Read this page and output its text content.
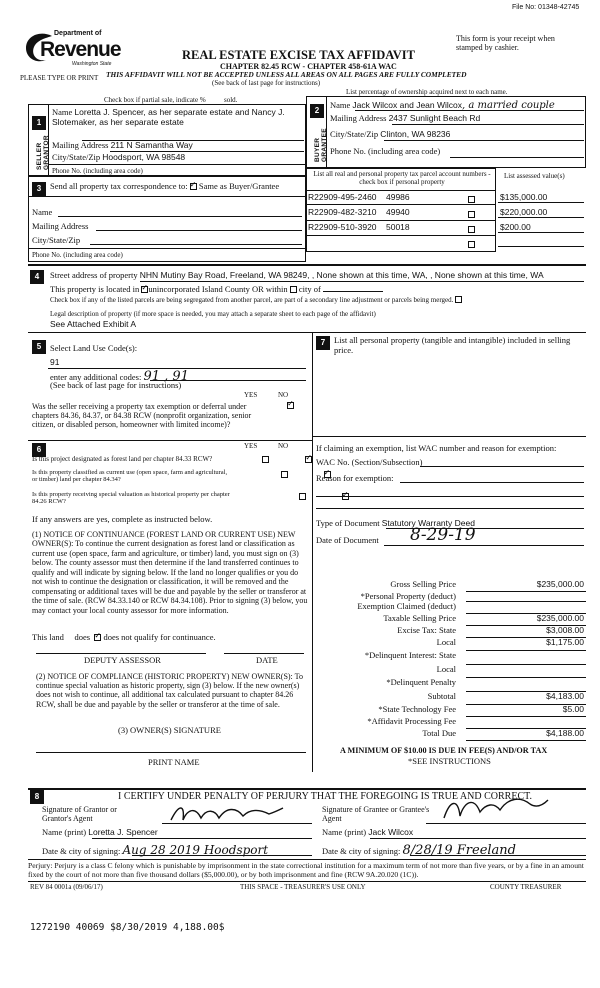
File No: 01348-42745
Department of
Revenue
Washington State
PLEASE TYPE OR PRINT
REAL ESTATE EXCISE TAX AFFIDAVIT
CHAPTER 82.45 RCW - CHAPTER 458-61A WAC
THIS AFFIDAVIT WILL NOT BE ACCEPTED UNLESS ALL AREAS ON ALL PAGES ARE FULLY COMPLETED
(See back of last page for instructions)
This form is your receipt when stamped by cashier.
Check box if partial sale, indicate %	sold.
List percentage of ownership acquired next to each name.
1
SELLER GRANTOR
Name Loretta J. Spencer, as her separate estate and Nancy J. Slotemaker, as her separate estate
Mailing Address 211 N Samantha Way
City/State/Zip Hoodsport, WA 98548
Phone No. (including area code)
2
BUYER GRANTEE
Name Jack Wilcox and Jean Wilcox, a married couple
Mailing Address 2437 Sunlight Beach Rd
City/State/Zip Clinton, WA 98236
Phone No. (including area code)
3	Send all property tax correspondence to: ✓ Same as Buyer/Grantee
Name
Mailing Address
City/State/Zip
Phone No. (including area code)
List all real and personal property tax parcel account numbers - check box if personal property
List assessed value(s)
R22909-495-2460 49986	$135,000.00
R22909-482-3210 49940	$220,000.00
R22909-510-3920 50018	$200.00

4	Street address of property NHN Mutiny Bay Road, Freeland, WA 98249, , None shown at this time, WA, , None shown at this time, WA
This property is located in ✓ unincorporated Island County OR within city of
Check box if any of the listed parcels are being segregated from another parcel, are part of a secondary line adjustment or parcels being merged.
Legal description of property (if more space is needed, you may attach a separate sheet to each page of the affidavit)
See Attached Exhibit A
5	Select Land Use Code(s):
91
enter any additional codes: 91 , 91
(See back of last page for instructions)
YES	NO
✓
Was the seller receiving a property tax exemption or deferral under chapters 84.36, 84.37, or 84.38 RCW (nonprofit organization, senior citizen, or disabled person, homeowner with limited income)?
6	YES	NO
Is this project designated as forest land per chapter 84.33 RCW?
✓
Is this property classified as current use (open space, farm and agricultural, or timber) land per chapter 84.34?
✓
Is this property receiving special valuation as historical property per chapter 84.26 RCW?
✓
If any answers are yes, complete as instructed below.
(1) NOTICE OF CONTINUANCE (FOREST LAND OR CURRENT USE) NEW OWNER(S): To continue the current designation as forest land or classification as current use (open space, farm and agriculture, or timber) land, you must sign on (3) below. The county assessor must then determine if the land transferred continues to qualify and will indicate by signing below. If the land no longer qualifies or you do not wish to continue the designation or classification, it will be removed and the compensating or additional taxes will be due and payable by the seller or transferor at the time of sale. (RCW 84.33.140 or RCW 84.34.108). Prior to signing (3) below, you may contact your local county assessor for more information.
This land does ✓ does not qualify for continuance.
DEPUTY ASSESSOR	DATE
(2) NOTICE OF COMPLIANCE (HISTORIC PROPERTY) NEW OWNER(S): To continue special valuation as historic property, sign (3) below. If the new owner(s) does not wish to continue, all additional tax calculated pursuant to chapter 84.26 RCW, shall be due and payable by the seller or transferor at the time of sale.
(3) OWNER(S) SIGNATURE
PRINT NAME
7	List all personal property (tangible and intangible) included in selling price.
If claiming an exemption, list WAC number and reason for exemption:
WAC No. (Section/Subsection)
Reason for exemption:
Type of Document Statutory Warranty Deed
Date of Document 8-29-19
Gross Selling Price	$235,000.00
*Personal Property (deduct)
Exemption Claimed (deduct)
Taxable Selling Price	$235,000.00
Excise Tax: State	$3,008.00
Local	$1,175.00
*Delinquent Interest: State
Local
*Delinquent Penalty
Subtotal	$4,183.00
*State Technology Fee	$5.00
*Affidavit Processing Fee
Total Due	$4,188.00
A MINIMUM OF $10.00 IS DUE IN FEE(S) AND/OR TAX
*SEE INSTRUCTIONS
8	I CERTIFY UNDER PENALTY OF PERJURY THAT THE FOREGOING IS TRUE AND CORRECT.
Signature of Grantor or Grantor's Agent
Name (print) Loretta J. Spencer
Date & city of signing: Aug 28 2019 Hoodsport
Signature of Grantee or Grantee's Agent
Name (print) Jack Wilcox
Date & city of signing: 8/28/19 Freeland
Perjury: Perjury is a class C felony which is punishable by imprisonment in the state correctional institution for a maximum term of not more than five years, or by a fine in an amount fixed by the court of not more than five thousand dollars ($5,000.00), or by both imprisonment and fine (RCW 9A.20.020 (1C)).
REV 84 0001a (09/06/17)	THIS SPACE - TREASURER'S USE ONLY	COUNTY TREASURER
1272190 40069 $8/30/2019 4,188.00$
